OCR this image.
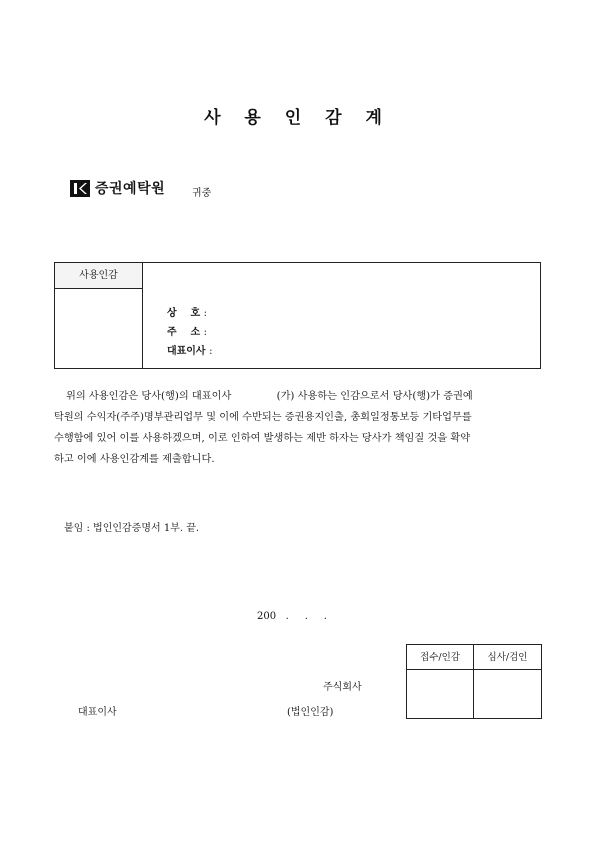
사 용 인 감 계
증권예탁원	귀중
사용인감

상    호 :

주    소 :

대표이사 :

위의 사용인감은 당사(행)의 대표이사              (가) 사용하는 인감으로서 당사(행)가 증권예

탁원의 수익자(주주)명부관리업무 및 이에 수반되는 증권용지인출, 총회일정통보등 기타업무를
수행함에 있어 이를 사용하겠으며, 이로 인하여 발생하는 제반 하자는 당사가 책임질 것을 확약
하고 이에 사용인감계를 제출합니다.
붙임 : 법인인감증명서 1부. 끝.
200   .     .     .
접수/인감	심사/검인
주식회사
대표이사	(법인인감)
